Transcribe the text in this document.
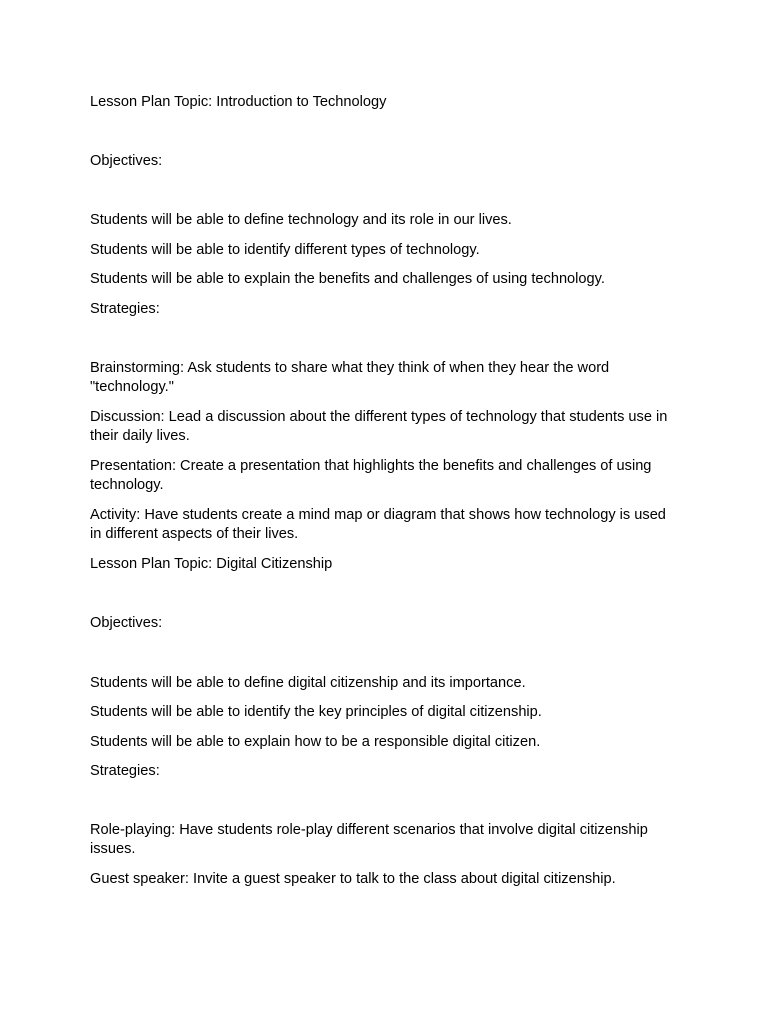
Lesson Plan Topic: Introduction to Technology

Objectives:

Students will be able to define technology and its role in our lives.

Students will be able to identify different types of technology.

Students will be able to explain the benefits and challenges of using technology.

Strategies:

Brainstorming: Ask students to share what they think of when they hear the word "technology."

Discussion: Lead a discussion about the different types of technology that students use in their daily lives.

Presentation: Create a presentation that highlights the benefits and challenges of using technology.

Activity: Have students create a mind map or diagram that shows how technology is used in different aspects of their lives.

Lesson Plan Topic: Digital Citizenship

Objectives:

Students will be able to define digital citizenship and its importance.

Students will be able to identify the key principles of digital citizenship.

Students will be able to explain how to be a responsible digital citizen.

Strategies:

Role-playing: Have students role-play different scenarios that involve digital citizenship issues.

Guest speaker: Invite a guest speaker to talk to the class about digital citizenship.
